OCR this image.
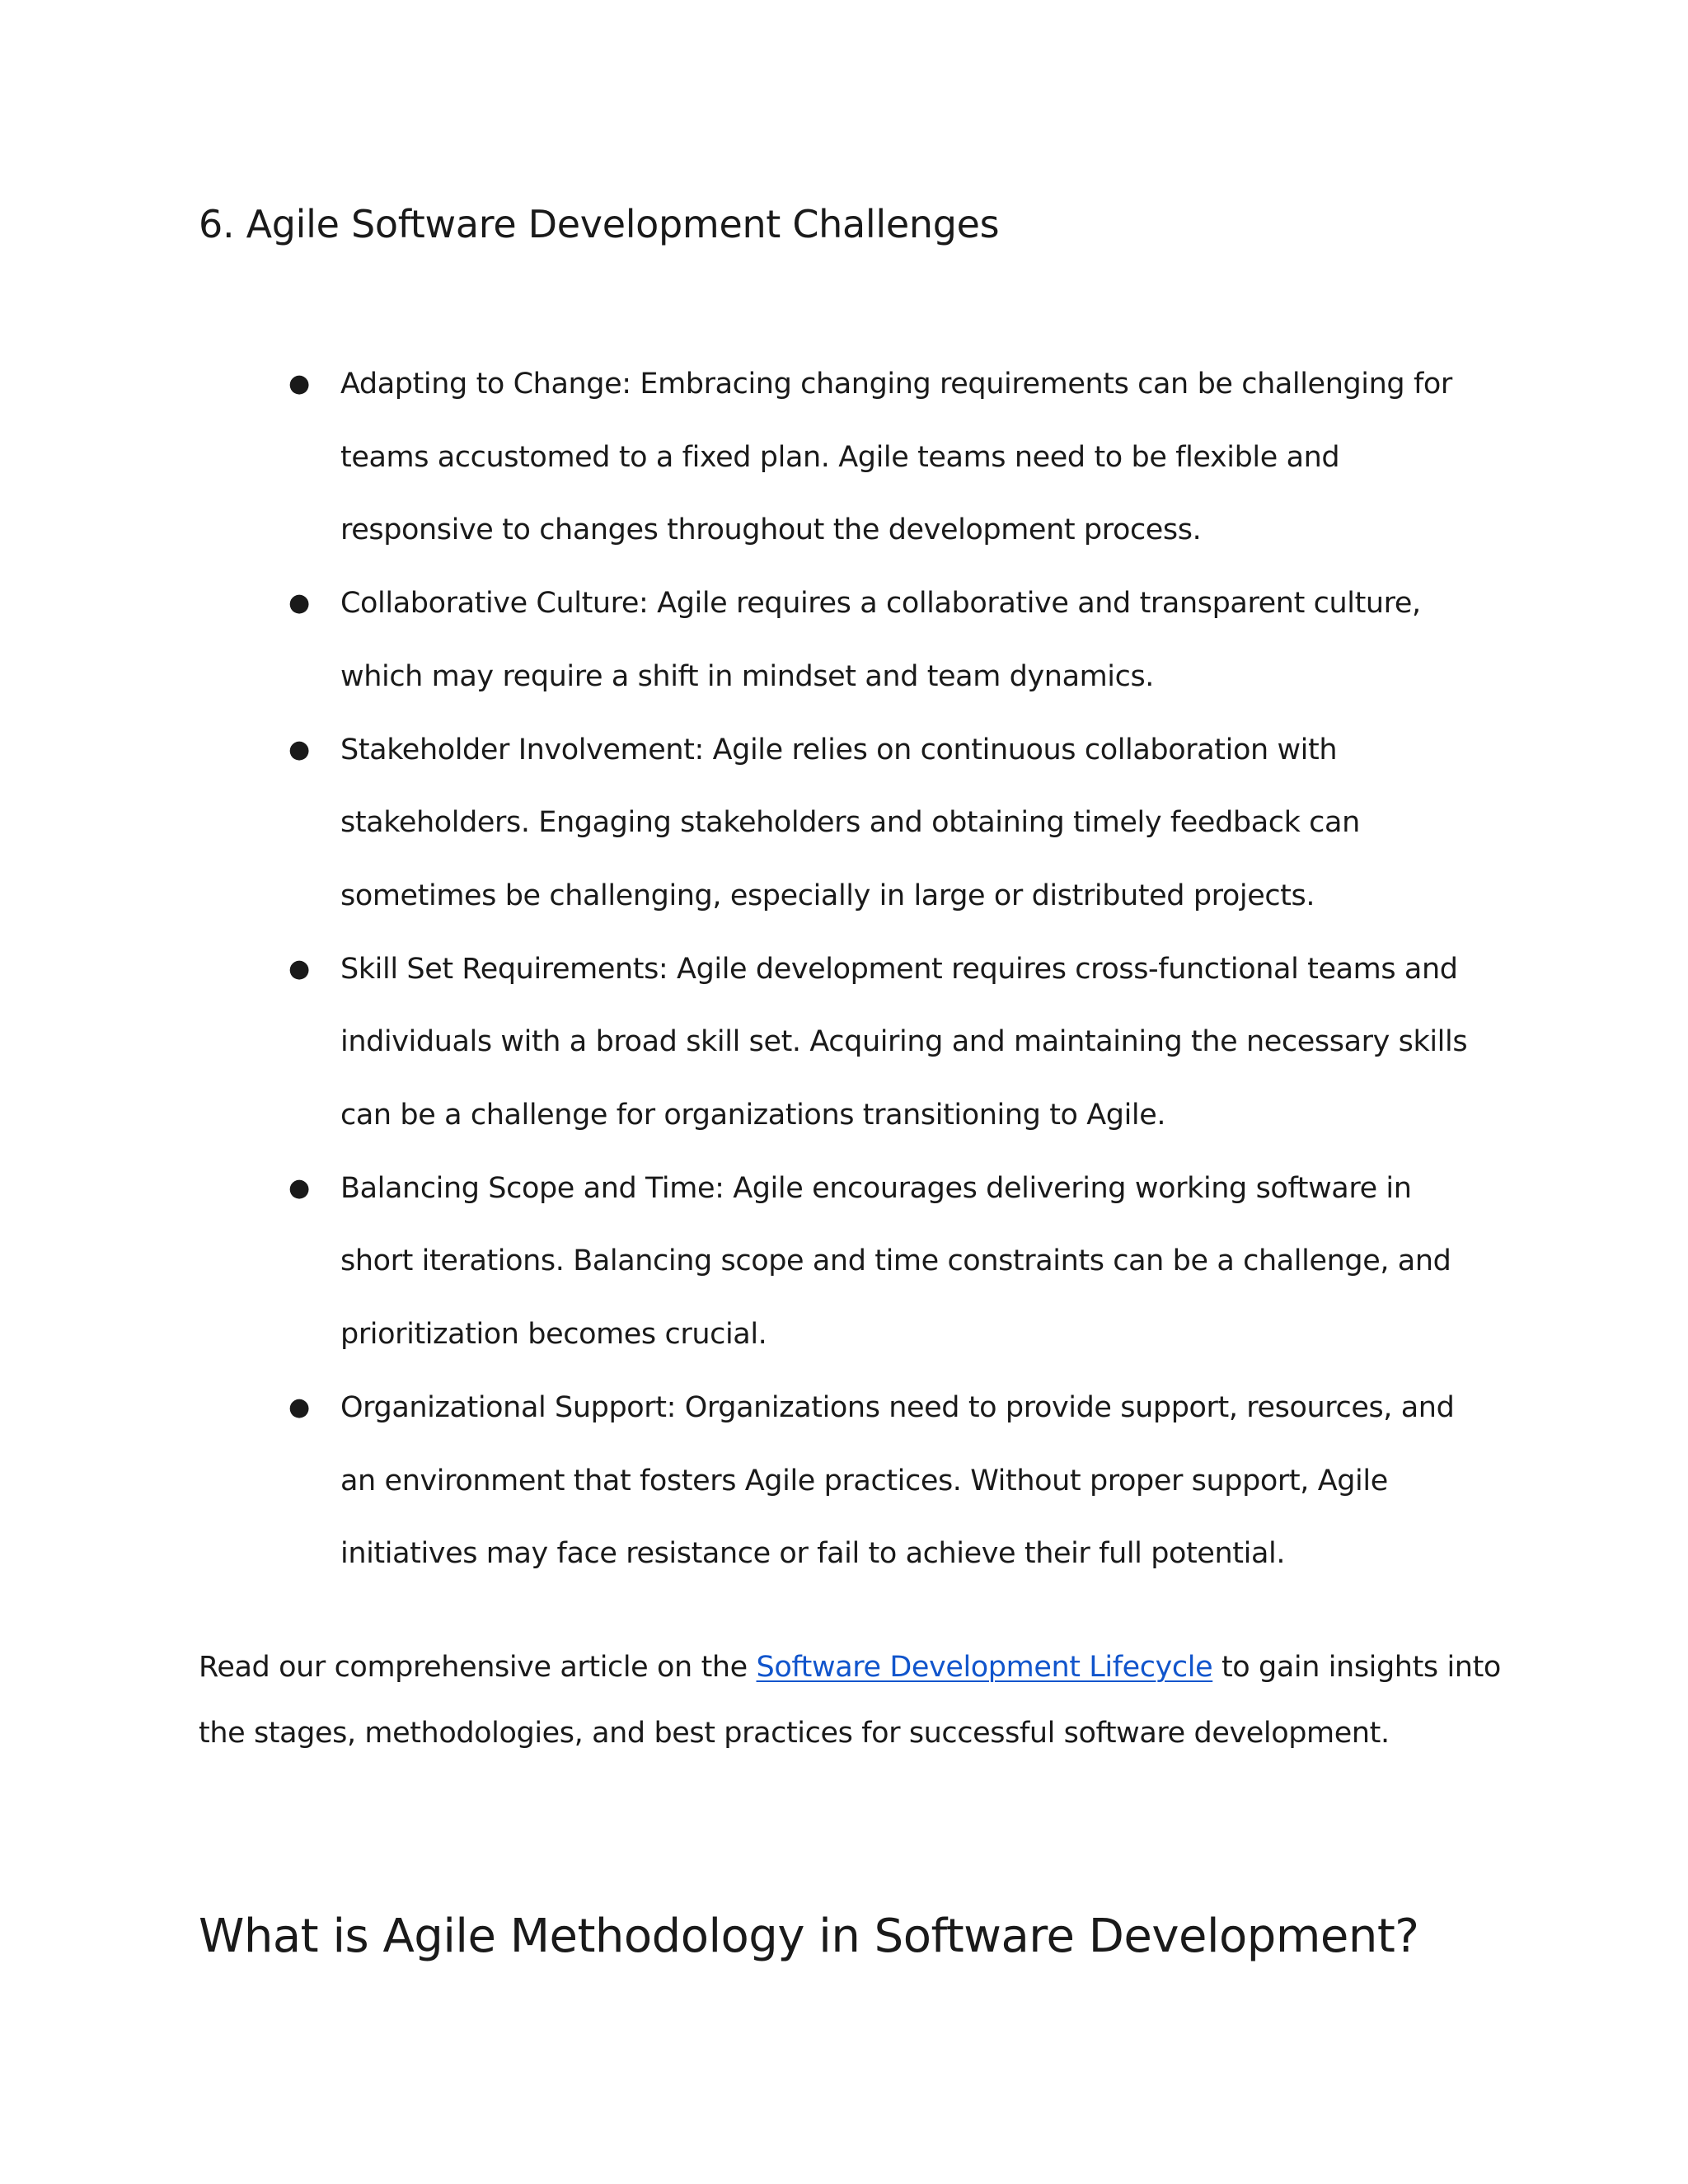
6. Agile Software Development Challenges
● Adapting to Change: Embracing changing requirements can be challenging for teams accustomed to a fixed plan. Agile teams need to be flexible and responsive to changes throughout the development process.
● Collaborative Culture: Agile requires a collaborative and transparent culture, which may require a shift in mindset and team dynamics.
● Stakeholder Involvement: Agile relies on continuous collaboration with stakeholders. Engaging stakeholders and obtaining timely feedback can sometimes be challenging, especially in large or distributed projects.
● Skill Set Requirements: Agile development requires cross-functional teams and individuals with a broad skill set. Acquiring and maintaining the necessary skills can be a challenge for organizations transitioning to Agile.
● Balancing Scope and Time: Agile encourages delivering working software in short iterations. Balancing scope and time constraints can be a challenge, and prioritization becomes crucial.
● Organizational Support: Organizations need to provide support, resources, and an environment that fosters Agile practices. Without proper support, Agile initiatives may face resistance or fail to achieve their full potential.

Read our comprehensive article on the Software Development Lifecycle to gain insights into the stages, methodologies, and best practices for successful software development.

What is Agile Methodology in Software Development?
